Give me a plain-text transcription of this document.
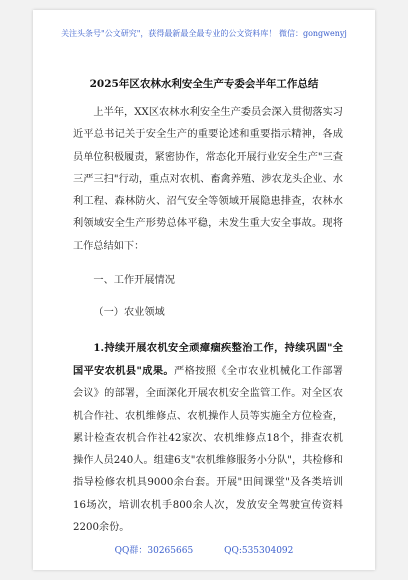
关注头条号"公文研究"，获得最新最全最专业的公文资料库！ 微信：gongwenyj
2025年区农林水利安全生产专委会半年工作总结

上半年，XX区农林水利安全生产委员会深入贯彻落实习近平总书记关于安全生产的重要论述和重要指示精神，各成员单位积极履责，紧密协作，常态化开展行业安全生产"三查三严三扫"行动，重点对农机、畜禽养殖、涉农龙头企业、水利工程、森林防火、沼气安全等领域开展隐患排查，农林水利领域安全生产形势总体平稳，未发生重大安全事故。现将工作总结如下：

一、工作开展情况

（一）农业领域

1.持续开展农机安全顽瘴痼疾整治工作，持续巩固"全国平安农机县"成果。严格按照《全市农业机械化工作部署会议》的部署，全面深化开展农机安全监管工作。对全区农机合作社、农机维修点、农机操作人员等实施全方位检查，累计检查农机合作社42家次、农机维修点18个，排查农机操作人员240人。组建6支"农机维修服务小分队"，共检修和指导检修农机具9000余台套。开展"田间课堂"及各类培训16场次，培训农机手800余人次，发放安全驾驶宣传资料2200余份。

QQ群：30265665	QQ:535304092
